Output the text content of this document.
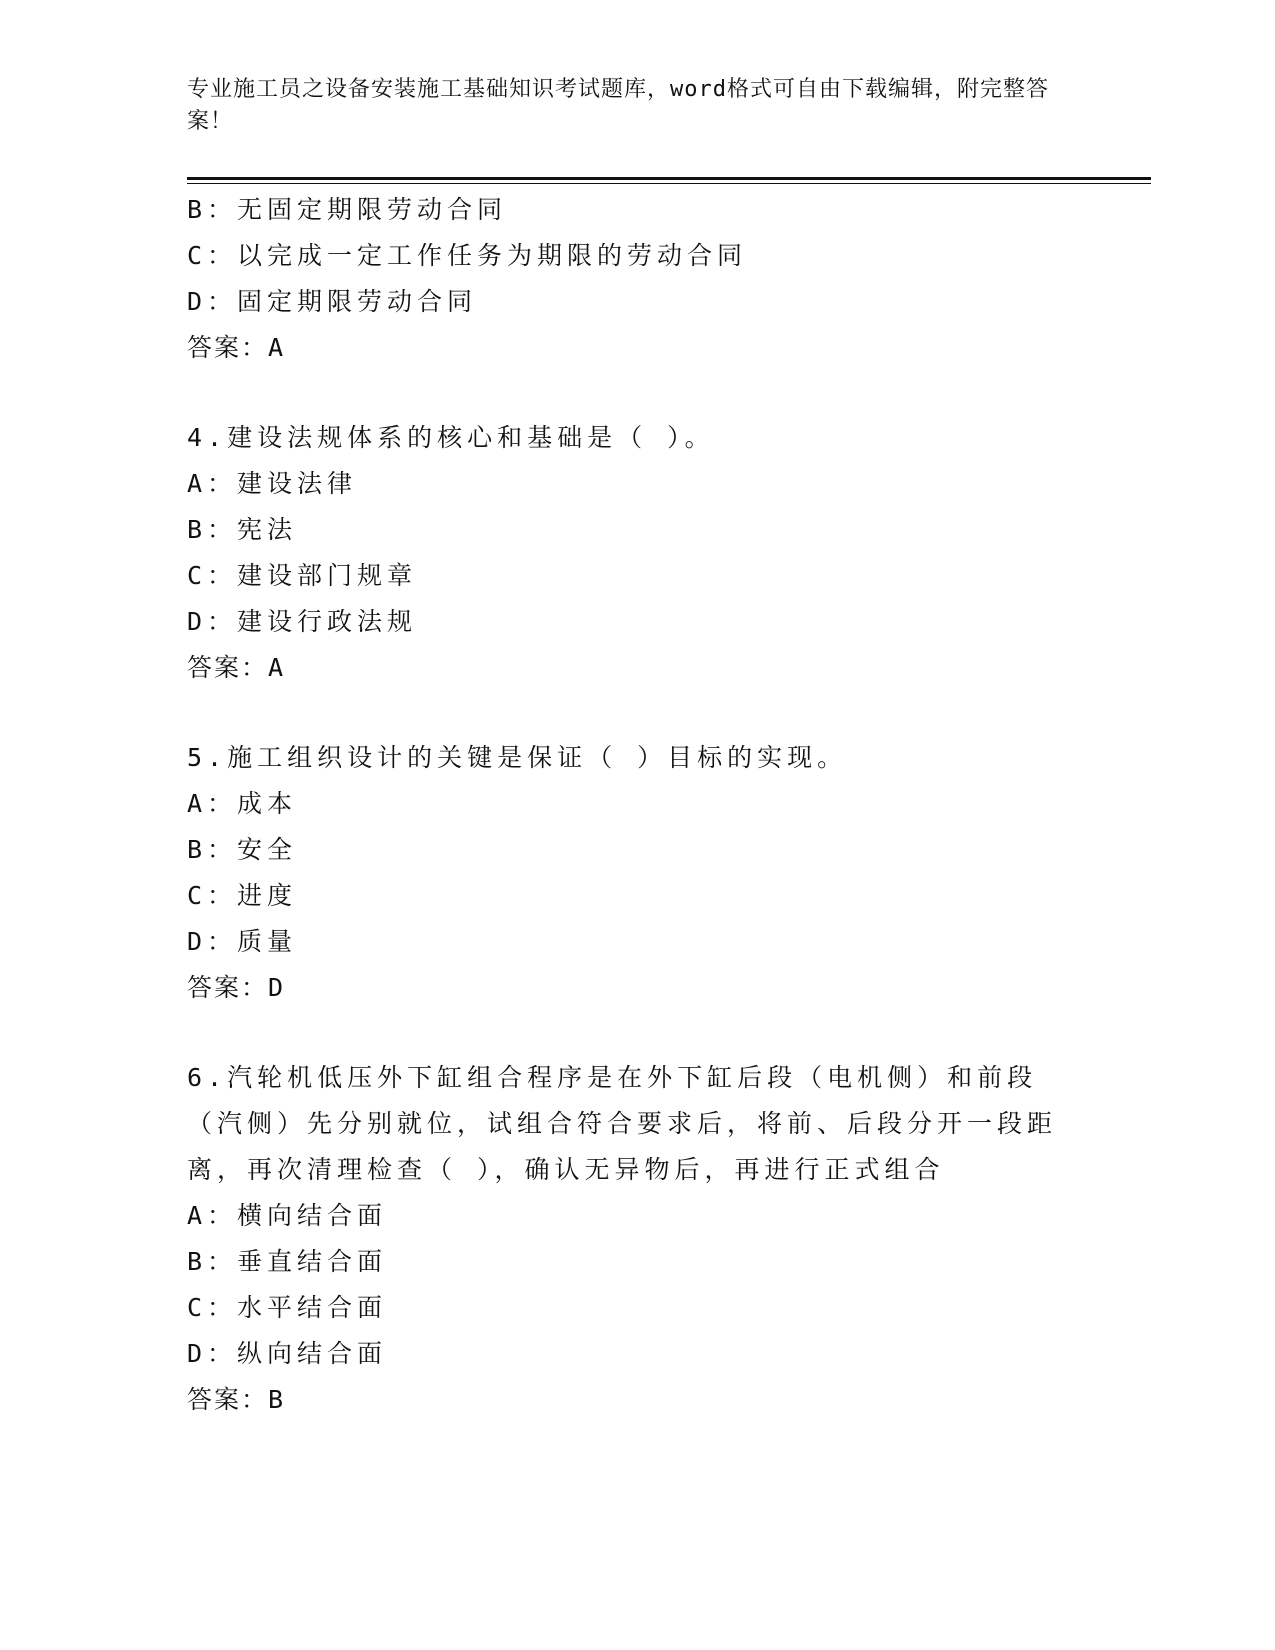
专业施工员之设备安装施工基础知识考试题库，word格式可自由下载编辑，附完整答案！
B：无固定期限劳动合同
C：以完成一定工作任务为期限的劳动合同
D：固定期限劳动合同
答案：A
4.建设法规体系的核心和基础是（ ）。
A：建设法律
B：宪法
C：建设部门规章
D：建设行政法规
答案：A
5.施工组织设计的关键是保证（ ）目标的实现。
A：成本
B：安全
C：进度
D：质量
答案：D
6.汽轮机低压外下缸组合程序是在外下缸后段（电机侧）和前段（汽侧）先分别就位，试组合符合要求后，将前、后段分开一段距离，再次清理检查（ ），确认无异物后，再进行正式组合
A：横向结合面
B：垂直结合面
C：水平结合面
D：纵向结合面
答案：B
